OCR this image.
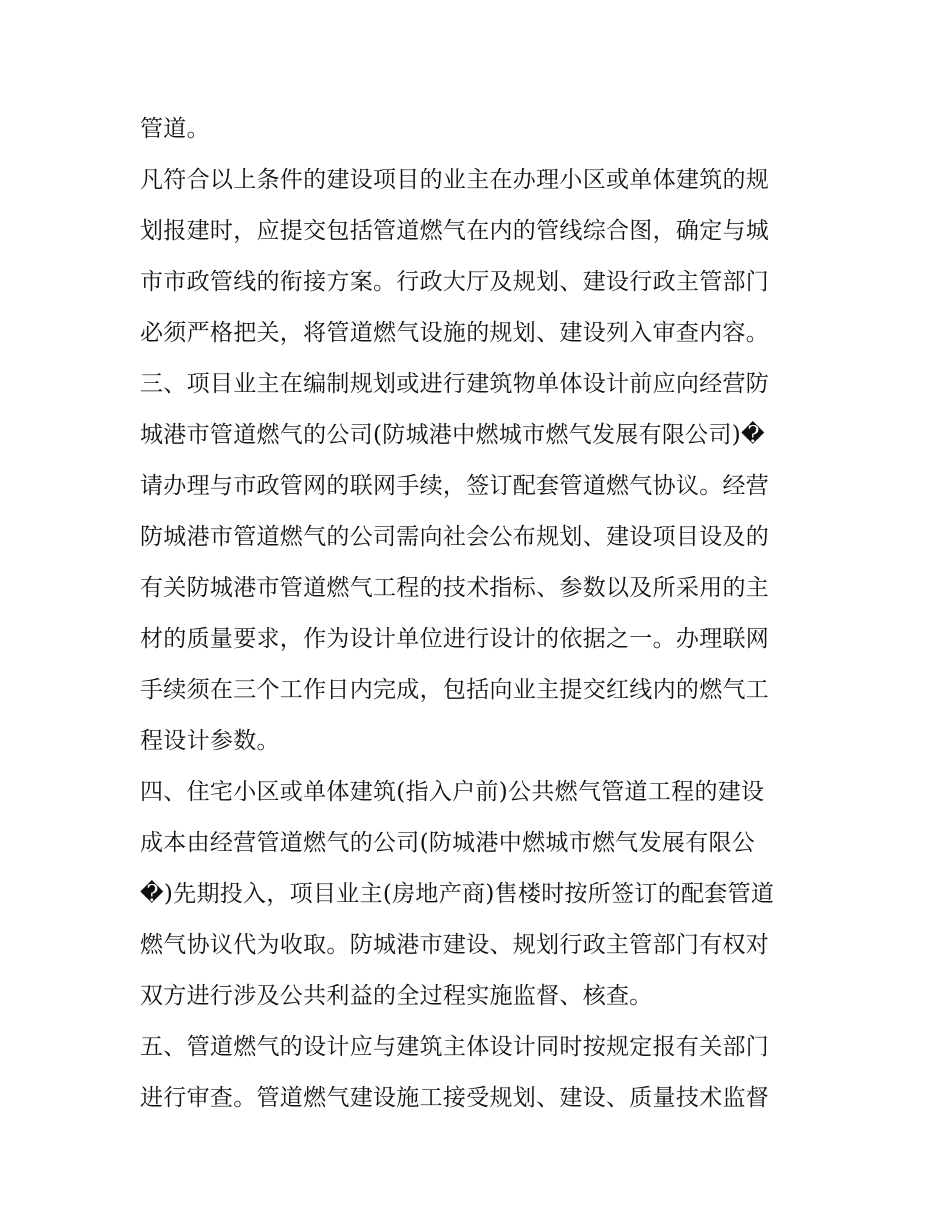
管道。
凡符合以上条件的建设项目的业主在办理小区或单体建筑的规
划报建时，应提交包括管道燃气在内的管线综合图，确定与城
市市政管线的衔接方案。行政大厅及规划、建设行政主管部门
必须严格把关，将管道燃气设施的规划、建设列入审查内容。
三、项目业主在编制规划或进行建筑物单体设计前应向经营防
城港市管道燃气的公司(防城港中燃城市燃气发展有限公司)�
请办理与市政管网的联网手续，签订配套管道燃气协议。经营
防城港市管道燃气的公司需向社会公布规划、建设项目设及的
有关防城港市管道燃气工程的技术指标、参数以及所采用的主
材的质量要求，作为设计单位进行设计的依据之一。办理联网
手续须在三个工作日内完成，包括向业主提交红线内的燃气工
程设计参数。
四、住宅小区或单体建筑(指入户前)公共燃气管道工程的建设
成本由经营管道燃气的公司(防城港中燃城市燃气发展有限公
�)先期投入，项目业主(房地产商)售楼时按所签订的配套管道
燃气协议代为收取。防城港市建设、规划行政主管部门有权对
双方进行涉及公共利益的全过程实施监督、核查。
五、管道燃气的设计应与建筑主体设计同时按规定报有关部门
进行审查。管道燃气建设施工接受规划、建设、质量技术监督
